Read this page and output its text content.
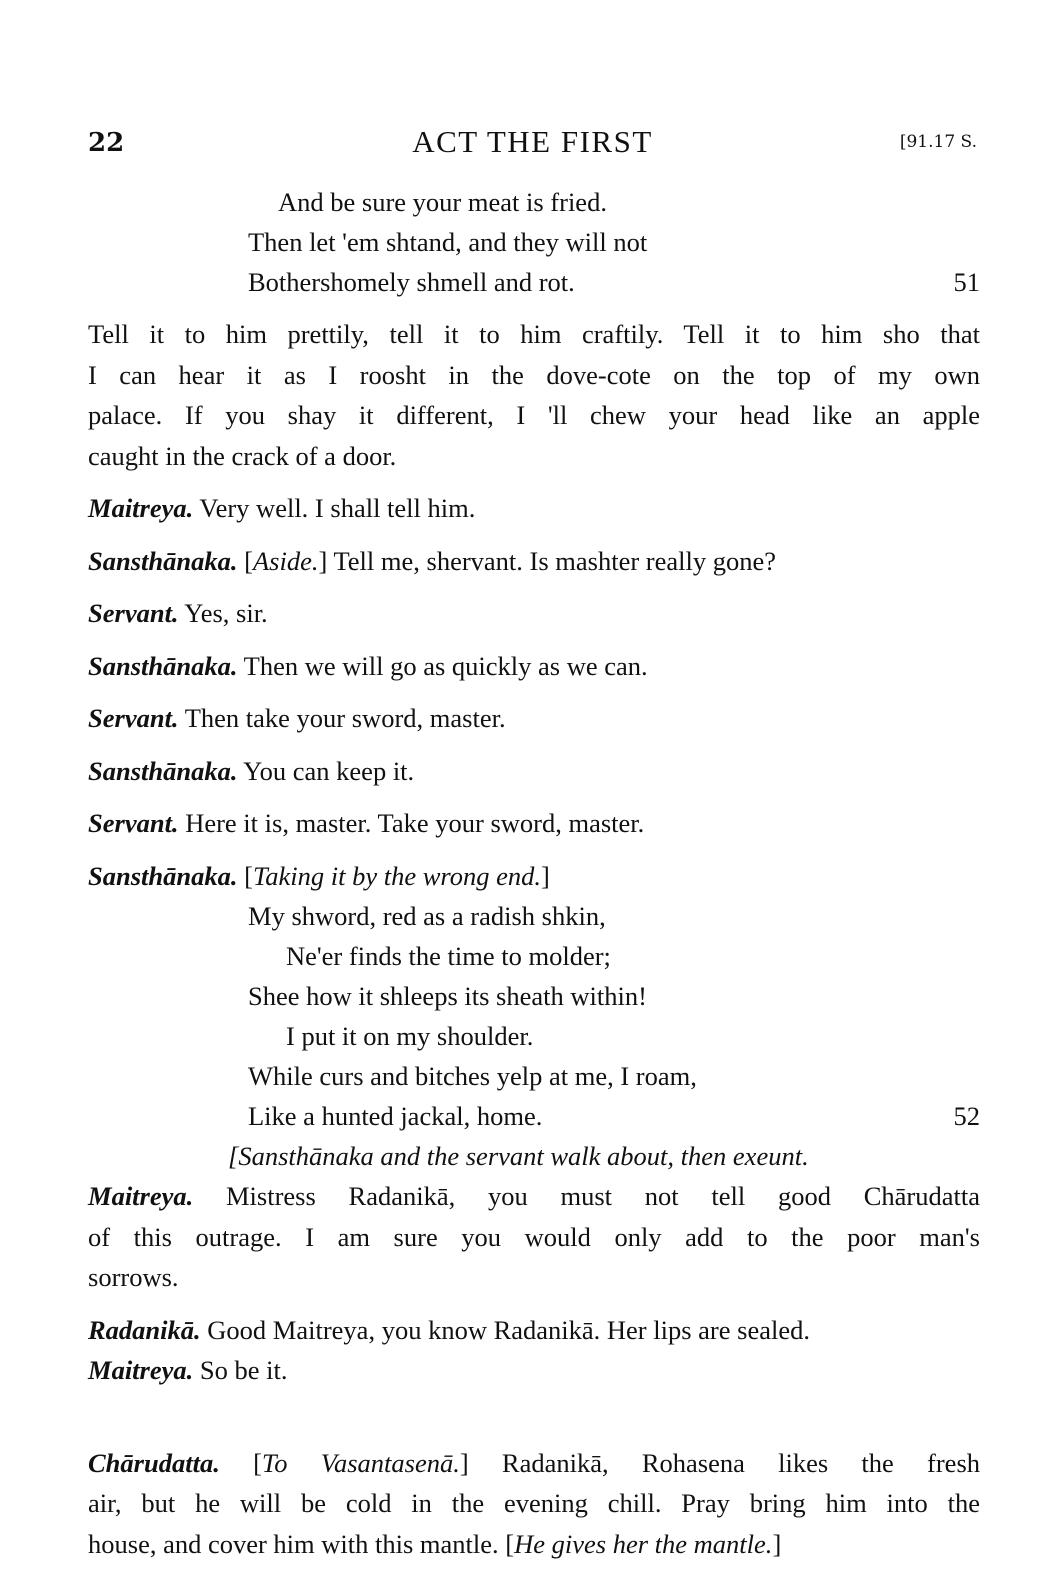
22	ACT THE FIRST	[91.17 S.
And be sure your meat is fried.
Then let 'em shtand, and they will not
Bothershomely shmell and rot.	51
Tell it to him prettily, tell it to him craftily. Tell it to him sho that
I can hear it as I roosht in the dove-cote on the top of my own
palace. If you shay it different, I 'll chew your head like an apple
caught in the crack of a door.
Maitreya. Very well. I shall tell him.
Sansthānaka. [Aside.] Tell me, shervant. Is mashter really gone?
Servant. Yes, sir.
Sansthānaka. Then we will go as quickly as we can.
Servant. Then take your sword, master.
Sansthānaka. You can keep it.
Servant. Here it is, master. Take your sword, master.
Sansthānaka. [Taking it by the wrong end.]
My shword, red as a radish shkin,
Ne'er finds the time to molder;
Shee how it shleeps its sheath within!
I put it on my shoulder.
While curs and bitches yelp at me, I roam,
Like a hunted jackal, home.	52
[Sansthānaka and the servant walk about, then exeunt.
Maitreya. Mistress Radanikā, you must not tell good Chārudatta
of this outrage. I am sure you would only add to the poor man's
sorrows.
Radanikā. Good Maitreya, you know Radanikā. Her lips are sealed.
Maitreya. So be it.
Chārudatta. [To Vasantasenā.] Radanikā, Rohasena likes the fresh
air, but he will be cold in the evening chill. Pray bring him into the
house, and cover him with this mantle. [He gives her the mantle.]
